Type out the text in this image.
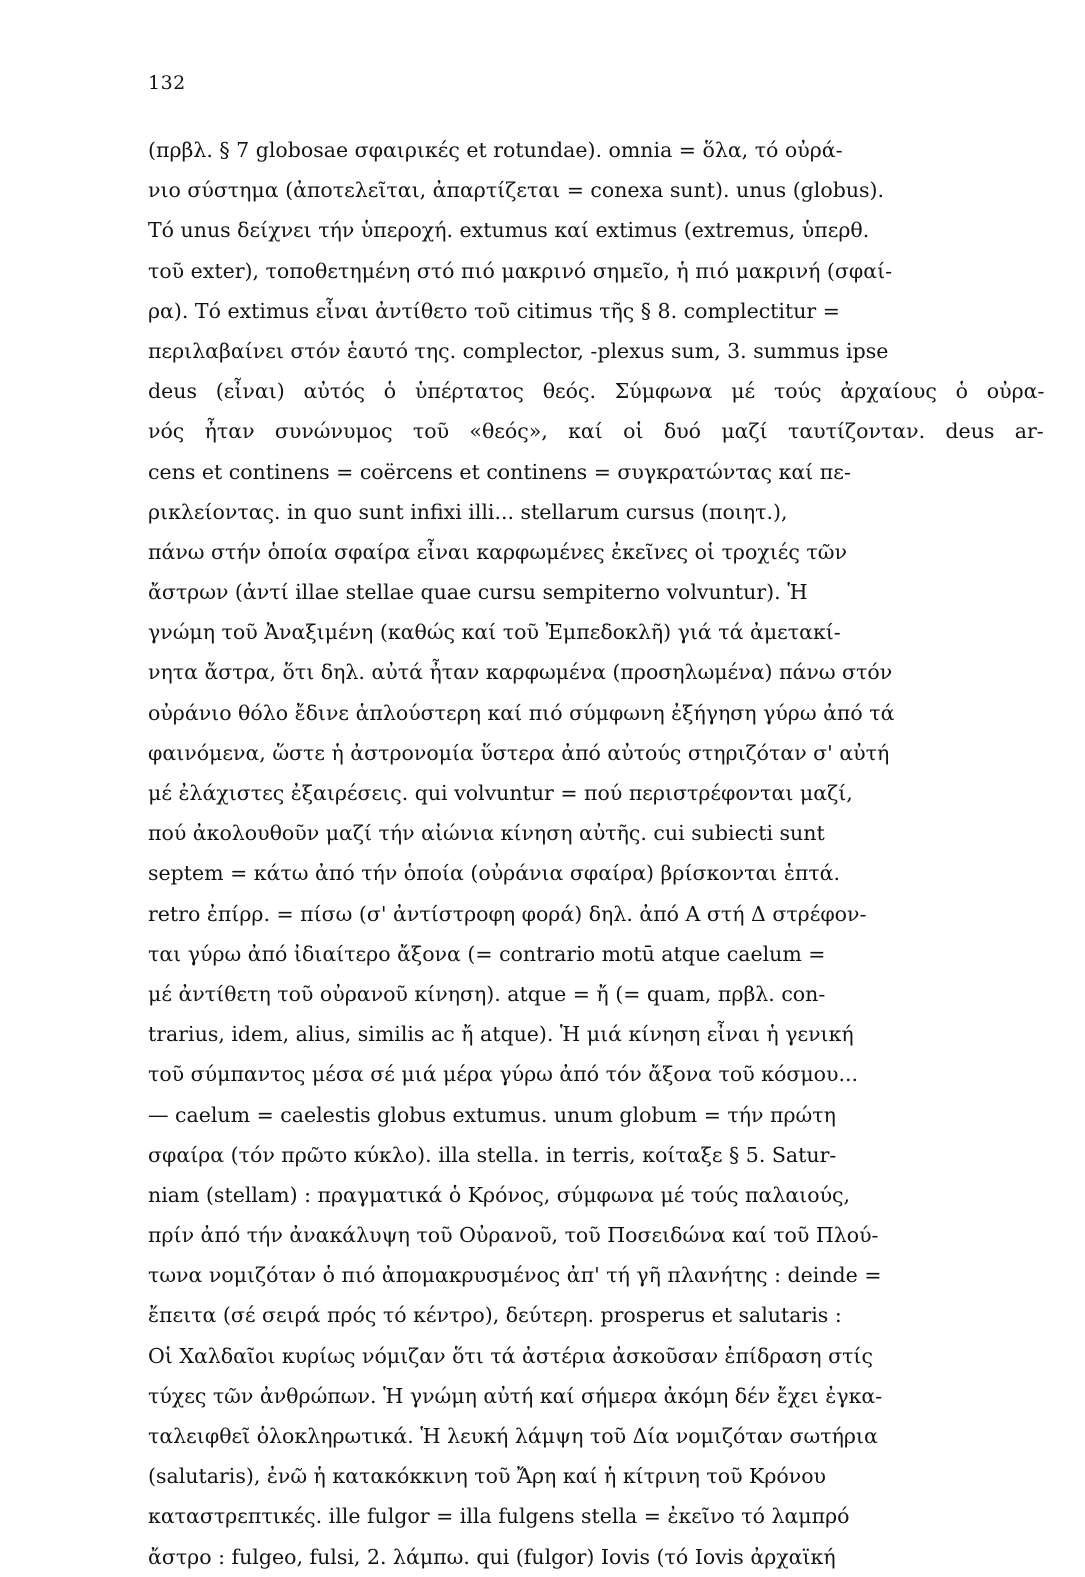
132
(πρβλ. § 7 globosae σφαιρικές et rotundae). omnia = ὅλα, τό οὐρά-
νιο σύστημα (ἀποτελεῖται, ἀπαρτίζεται = conexa sunt). unus (globus).
Τό unus δείχνει τήν ὑπεροχή. extumus καί extimus (extremus, ὑπερθ.
τοῦ exter), τοποθετημένη στό πιό μακρινό σημεῖο, ἡ πιό μακρινή (σφαί-
ρα). Τό extimus εἶναι ἀντίθετο τοῦ citimus τῆς § 8. complectitur =
περιλαβαίνει στόν ἑαυτό της. complector, -plexus sum, 3. summus ipse
deus (εἶναι) αὐτός ὁ ὑπέρτατος θεός. Σύμφωνα μέ τούς ἀρχαίους ὁ οὐρα-
νός ἦταν συνώνυμος τοῦ «θεός», καί οἱ δυό μαζί ταυτίζονταν. deus ar-
cens et continens = coërcens et continens = συγκρατώντας καί πε-
ρικλείοντας. in quo sunt infixi illi... stellarum cursus (ποιητ.),
πάνω στήν ὁποία σφαίρα εἶναι καρφωμένες ἐκεῖνες οἱ τροχιές τῶν
ἄστρων (ἀντί illae stellae quae cursu sempiterno volvuntur). Ἡ
γνώμη τοῦ Ἀναξιμένη (καθώς καί τοῦ Ἐμπεδοκλῆ) γιά τά ἀμετακί-
νητα ἄστρα, ὅτι δηλ. αὐτά ἦταν καρφωμένα (προσηλωμένα) πάνω στόν
οὐράνιο θόλο ἔδινε ἁπλούστερη καί πιό σύμφωνη ἐξήγηση γύρω ἀπό τά
φαινόμενα, ὥστε ἡ ἀστρονομία ὕστερα ἀπό αὐτούς στηριζόταν σ' αὐτή
μέ ἐλάχιστες ἐξαιρέσεις. qui volvuntur = πού περιστρέφονται μαζί,
πού ἀκολουθοῦν μαζί τήν αἰώνια κίνηση αὐτῆς. cui subiecti sunt
septem = κάτω ἀπό τήν ὁποία (οὐράνια σφαίρα) βρίσκονται ἑπτά.
retro ἐπίρρ. = πίσω (σ' ἀντίστροφη φορά) δηλ. ἀπό Α στή Δ στρέφον-
ται γύρω ἀπό ἰδιαίτερο ἄξονα (= contrario motū atque caelum =
μέ ἀντίθετη τοῦ οὐρανοῦ κίνηση). atque = ἤ (= quam, πρβλ. con-
trarius, idem, alius, similis ac ἤ atque). Ἡ μιά κίνηση εἶναι ἡ γενική
τοῦ σύμπαντος μέσα σέ μιά μέρα γύρω ἀπό τόν ἄξονα τοῦ κόσμου...
— caelum = caelestis globus extumus. unum globum = τήν πρώτη
σφαίρα (τόν πρῶτο κύκλο). illa stella. in terris, κοίταξε § 5. Satur-
niam (stellam) : πραγματικά ὁ Κρόνος, σύμφωνα μέ τούς παλαιούς,
πρίν ἀπό τήν ἀνακάλυψη τοῦ Οὐρανοῦ, τοῦ Ποσειδώνα καί τοῦ Πλού-
τωνα νομιζόταν ὁ πιό ἀπομακρυσμένος ἀπ' τή γῆ πλανήτης : deinde =
ἔπειτα (σέ σειρά πρός τό κέντρο), δεύτερη. prosperus et salutaris :
Οἱ Χαλδαῖοι κυρίως νόμιζαν ὅτι τά ἀστέρια ἀσκοῦσαν ἐπίδραση στίς
τύχες τῶν ἀνθρώπων. Ἡ γνώμη αὐτή καί σήμερα ἀκόμη δέν ἔχει ἐγκα-
ταλειφθεῖ ὁλοκληρωτικά. Ἡ λευκή λάμψη τοῦ Δία νομιζόταν σωτήρια
(salutaris), ἐνῶ ἡ κατακόκκινη τοῦ Ἄρη καί ἡ κίτρινη τοῦ Κρόνου
καταστρεπτικές. ille fulgor = illa fulgens stella = ἐκεῖνο τό λαμπρό
ἄστρο : fulgeo, fulsi, 2. λάμπω. qui (fulgor) Iovis (τό Iovis ἀρχαϊκή
